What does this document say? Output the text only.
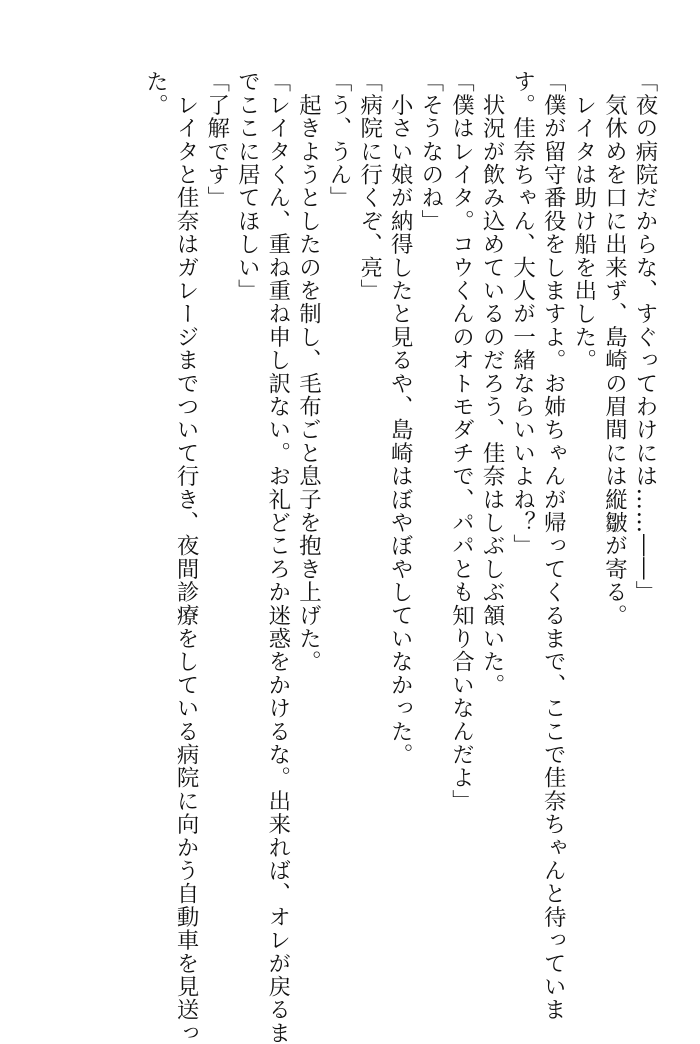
「夜の病院だからな、すぐってわけには……――」
　気休めを口に出来ず、島崎の眉間には縦皺が寄る。
　レイタは助け船を出した。
「僕が留守番役をしますよ。お姉ちゃんが帰ってくるまで、ここで佳奈ちゃんと待っていま
す。佳奈ちゃん、大人が一緒ならいいよね？」
　状況が飲み込めているのだろう、佳奈はしぶしぶ頷いた。
「僕はレイタ。コウくんのオトモダチで、パパとも知り合いなんだよ」
「そうなのね」
　小さい娘が納得したと見るや、島崎はぼやぼやしていなかった。
「病院に行くぞ、亮」
「う、うん」
　起きようとしたのを制し、毛布ごと息子を抱き上げた。
「レイタくん、重ね重ね申し訳ない。お礼どころか迷惑をかけるな。出来れば、オレが戻るま
でここに居てほしい」
「了解です」
　レイタと佳奈はガレージまでついて行き、夜間診療をしている病院に向かう自動車を見送っ
た。
